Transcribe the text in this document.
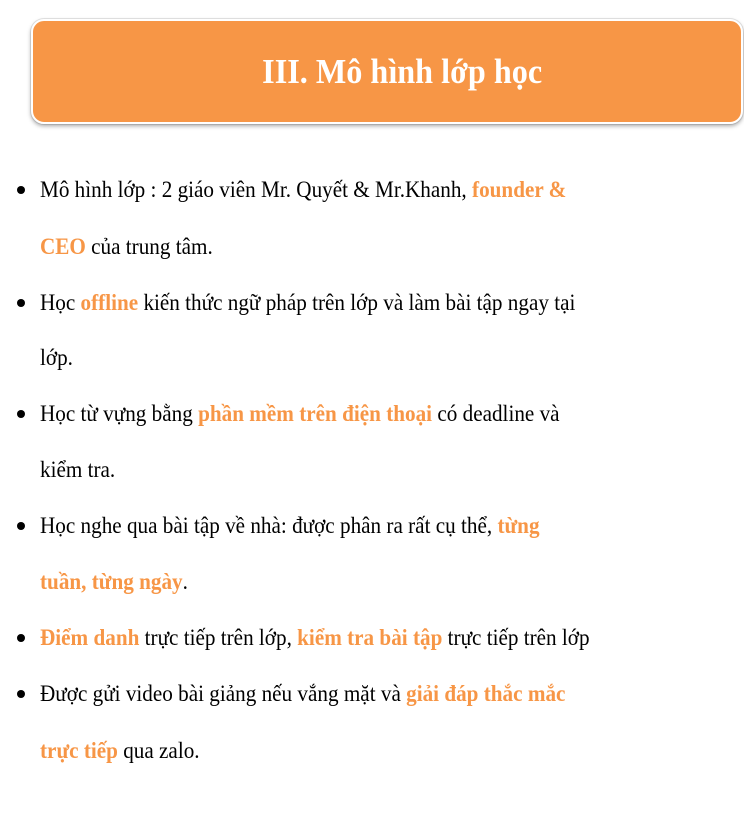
III. Mô hình lớp học
Mô hình lớp : 2 giáo viên Mr. Quyết & Mr.Khanh, founder &
CEO của trung tâm.
Học offline kiến thức ngữ pháp trên lớp và làm bài tập ngay tại
lớp.
Học từ vựng bằng phần mềm trên điện thoại có deadline và
kiểm tra.
Học nghe qua bài tập về nhà: được phân ra rất cụ thể, từng
tuần, từng ngày.
Điểm danh trực tiếp trên lớp, kiểm tra bài tập trực tiếp trên lớp
Được gửi video bài giảng nếu vắng mặt và giải đáp thắc mắc
trực tiếp qua zalo.
